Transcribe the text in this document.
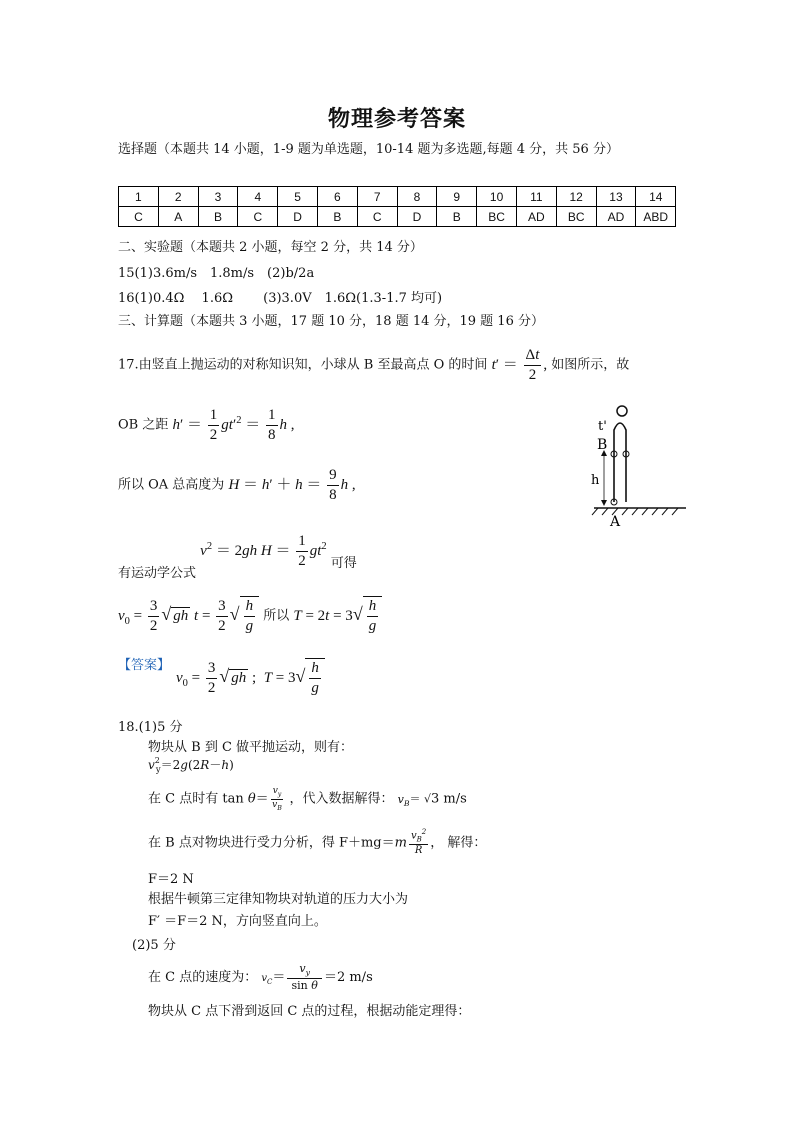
物理参考答案
选择题（本题共 14 小题，1-9 题为单选题，10-14 题为多选题,每题 4 分，共 56 分）
1	2	3	4	5	6	7	8	9	10	11	12	13	14
C	A	B	C	D	B	C	D	B	BC	AD	BC	AD	ABD
二、实验题（本题共 2 小题，每空 2 分，共 14 分）
15(1)3.6m/s　1.8m/s　(2)b/2a
16(1)0.4Ω　 1.6Ω　　 (3)3.0V　1.6Ω(1.3-1.7 均可)
三、计算题（本题共 3 小题，17 题 10 分，18 题 14 分，19 题 16 分）
17.由竖直上抛运动的对称知识知，小球从 B 至最高点 O 的时间 $t' = \frac{\Delta t}{2}$ , 如图所示，故
OB 之距 $h' = \frac{1}{2} gt'^2 = \frac{1}{8}$ h ,
所以 OA 总高度为 $H = h' + h = \frac{9}{8}$ h ,
有运动学公式 $v^2 = 2gh$ $H = \frac{1}{2} gt^2$ 可得
$v_0 = \frac{3}{2}$ √ gh $t = \frac{3}{2}$ √ $\frac{h}{g}$ 所以 $T = 2t = 3√ \frac{h}{g}$
【答案】
$v_0 = \frac{3}{2}$ √ gh ;  $T = 3√ \frac{h}{g}$
t'
B
h
A
18.(1)5 分
物块从 B 到 C 做平抛运动，则有：
$v^2_y=2g(2R-h)$
在 C 点时有 $\tan \theta= \frac{v_y}{v_B}$ ，代入数据解得： $v_B= √3$ m/s
在 B 点对物块进行受力分析，得 $F+mg=m \frac{v_B^2}{R}$ ， 解得：
F＝2 N
根据牛顿第三定律知物块对轨道的压力大小为
F′ ＝F＝2 N，方向竖直向上。
(2)5 分
在 C 点的速度为： $v_C= \frac{v_y}{\text{sin θ}} =2$ m/s
物块从 C 点下滑到返回 C 点的过程，根据动能定理得：
